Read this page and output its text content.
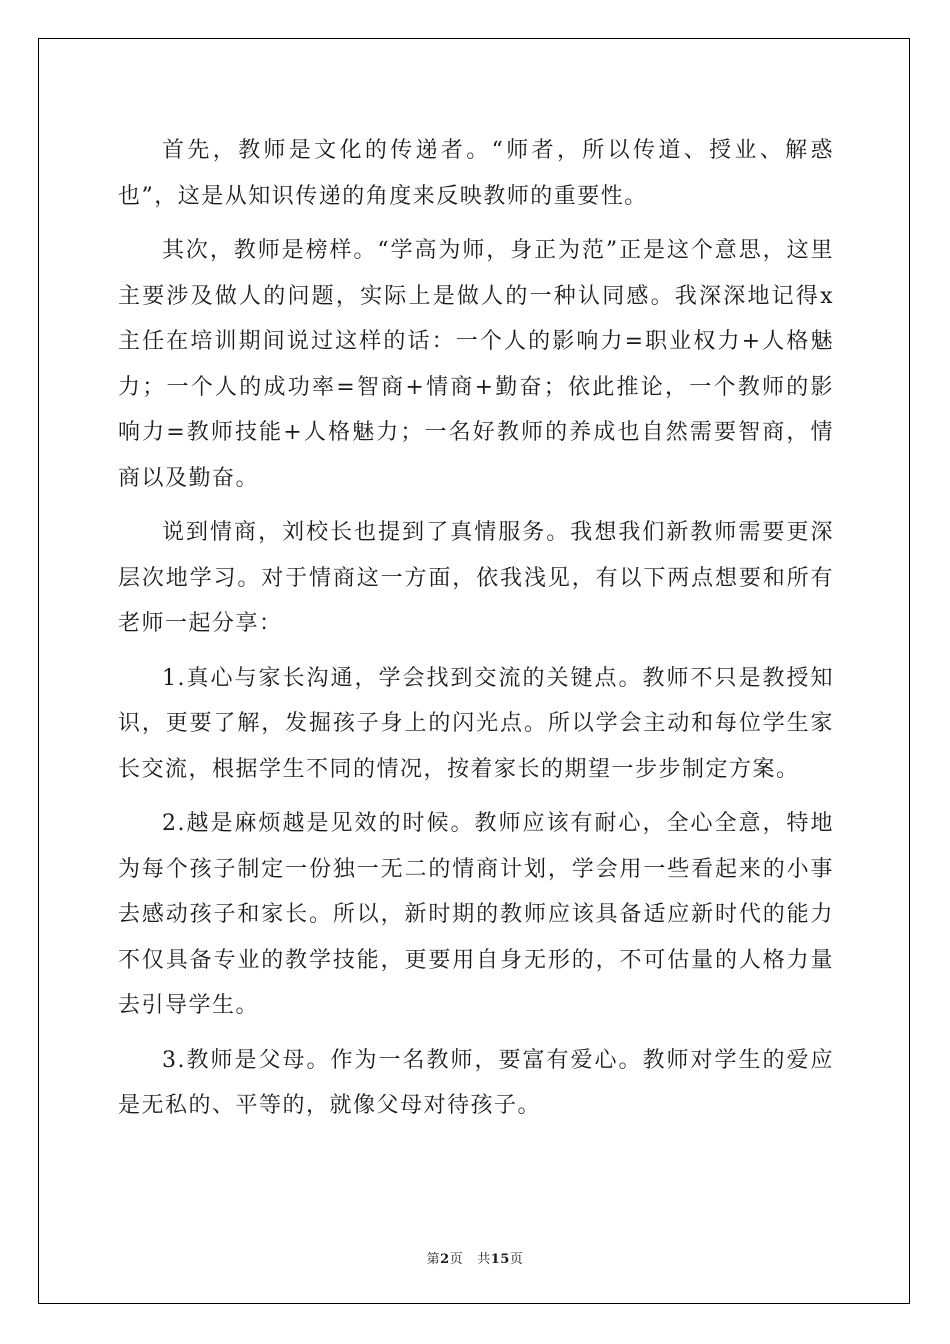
首先，教师是文化的传递者。“师者，所以传道、授业、解惑也”，这是从知识传递的角度来反映教师的重要性。

其次，教师是榜样。“学高为师，身正为范”正是这个意思，这里主要涉及做人的问题，实际上是做人的一种认同感。我深深地记得x主任在培训期间说过这样的话：一个人的影响力=职业权力+人格魅力；一个人的成功率=智商+情商+勤奋；依此推论，一个教师的影响力=教师技能+人格魅力；一名好教师的养成也自然需要智商，情商以及勤奋。

说到情商，刘校长也提到了真情服务。我想我们新教师需要更深层次地学习。对于情商这一方面，依我浅见，有以下两点想要和所有老师一起分享：

1.真心与家长沟通，学会找到交流的关键点。教师不只是教授知识，更要了解，发掘孩子身上的闪光点。所以学会主动和每位学生家长交流，根据学生不同的情况，按着家长的期望一步步制定方案。

2.越是麻烦越是见效的时候。教师应该有耐心，全心全意，特地为每个孩子制定一份独一无二的情商计划，学会用一些看起来的小事去感动孩子和家长。所以，新时期的教师应该具备适应新时代的能力不仅具备专业的教学技能，更要用自身无形的，不可估量的人格力量去引导学生。

3.教师是父母。作为一名教师，要富有爱心。教师对学生的爱应是无私的、平等的，就像父母对待孩子。

第2页 共15页
